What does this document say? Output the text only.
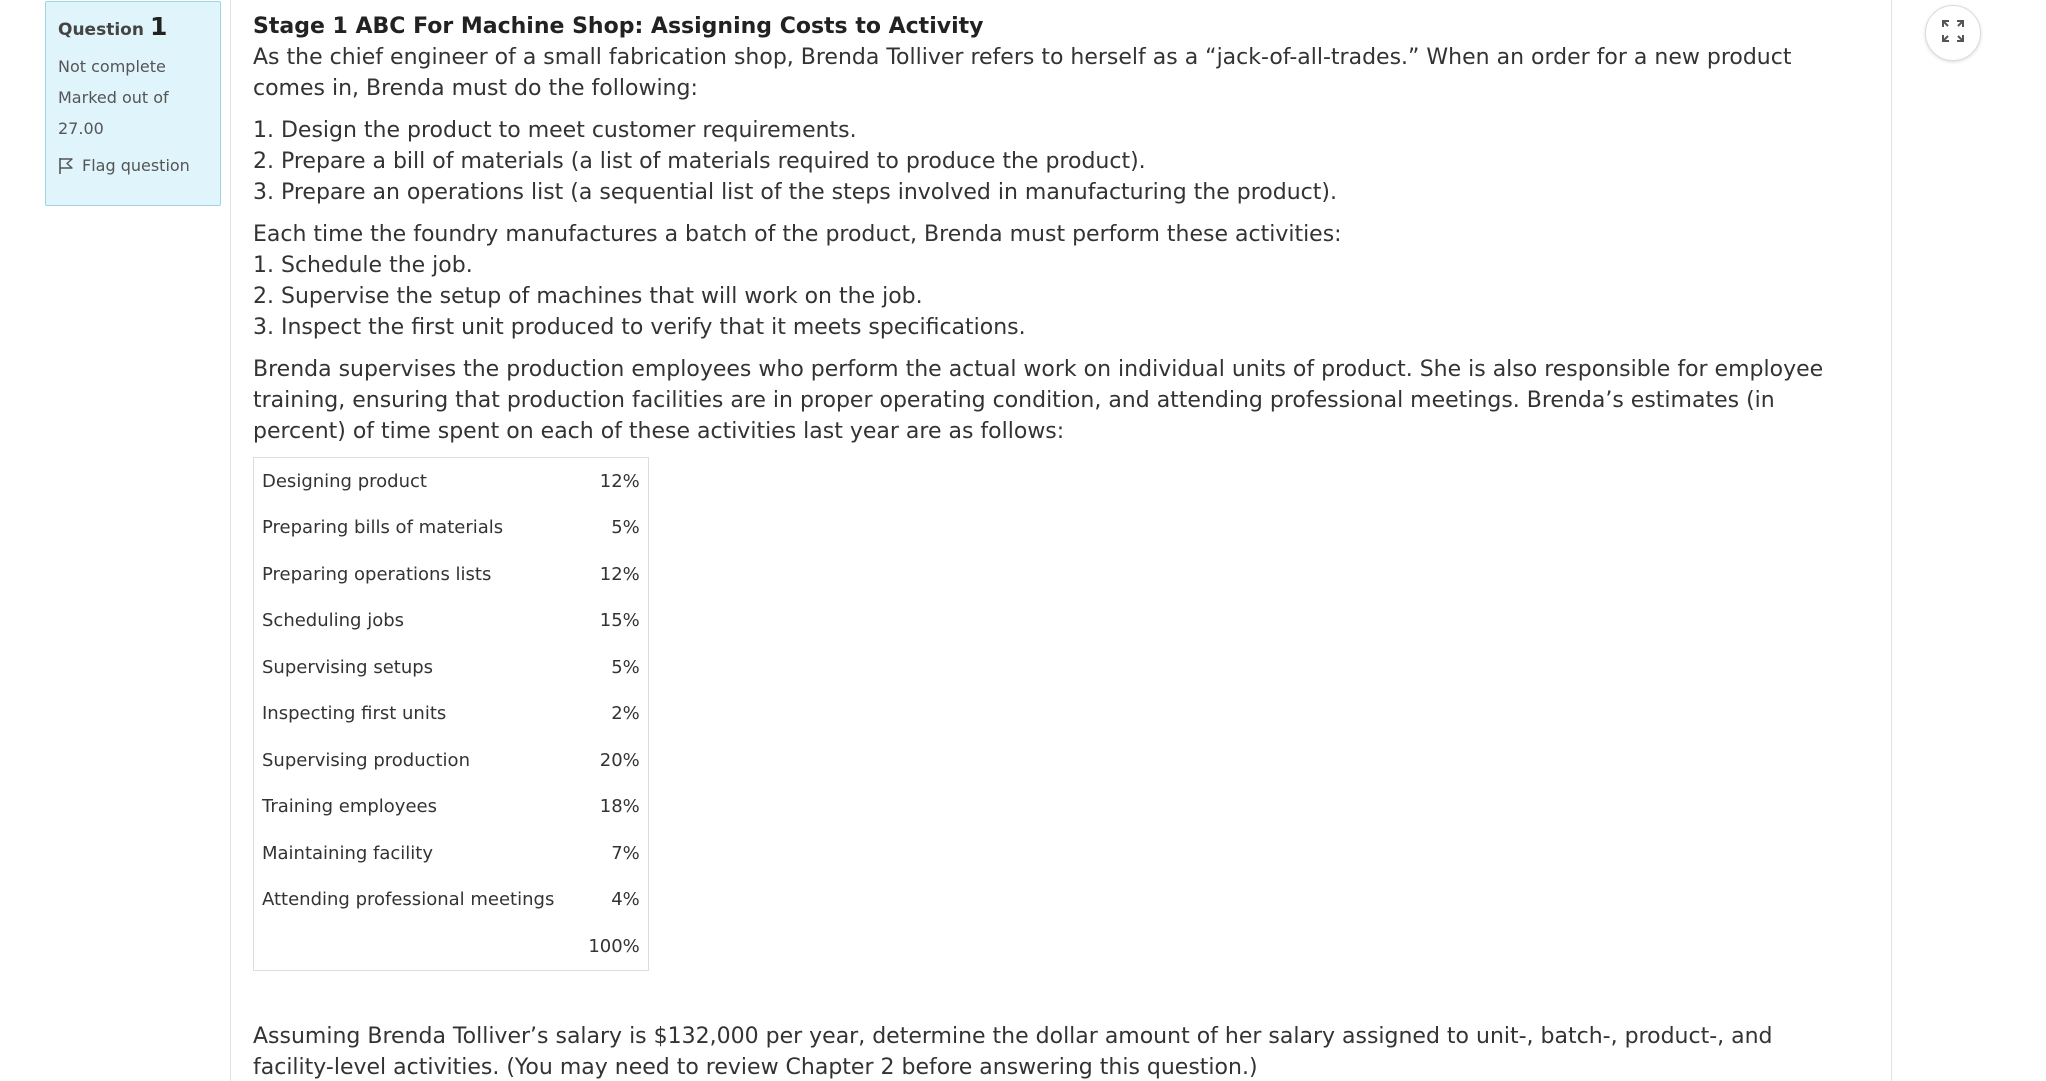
Question 1
Not complete
Marked out of
27.00
Flag question
Stage 1 ABC For Machine Shop: Assigning Costs to Activity

As the chief engineer of a small fabrication shop, Brenda Tolliver refers to herself as a “jack-of-all-trades.” When an order for a new product comes in, Brenda must do the following:

1. Design the product to meet customer requirements.
2. Prepare a bill of materials (a list of materials required to produce the product).
3. Prepare an operations list (a sequential list of the steps involved in manufacturing the product).
Each time the foundry manufactures a batch of the product, Brenda must perform these activities:
1. Schedule the job.
2. Supervise the setup of machines that will work on the job.
3. Inspect the first unit produced to verify that it meets specifications.

Brenda supervises the production employees who perform the actual work on individual units of product. She is also responsible for employee training, ensuring that production facilities are in proper operating condition, and attending professional meetings. Brenda’s estimates (in percent) of time spent on each of these activities last year are as follows:

Designing product	12%
Preparing bills of materials	5%
Preparing operations lists	12%
Scheduling jobs	15%
Supervising setups	5%
Inspecting first units	2%
Supervising production	20%
Training employees	18%
Maintaining facility	7%
Attending professional meetings	4%
	100%

Assuming Brenda Tolliver’s salary is $132,000 per year, determine the dollar amount of her salary assigned to unit-, batch-, product-, and facility-level activities. (You may need to review Chapter 2 before answering this question.)
